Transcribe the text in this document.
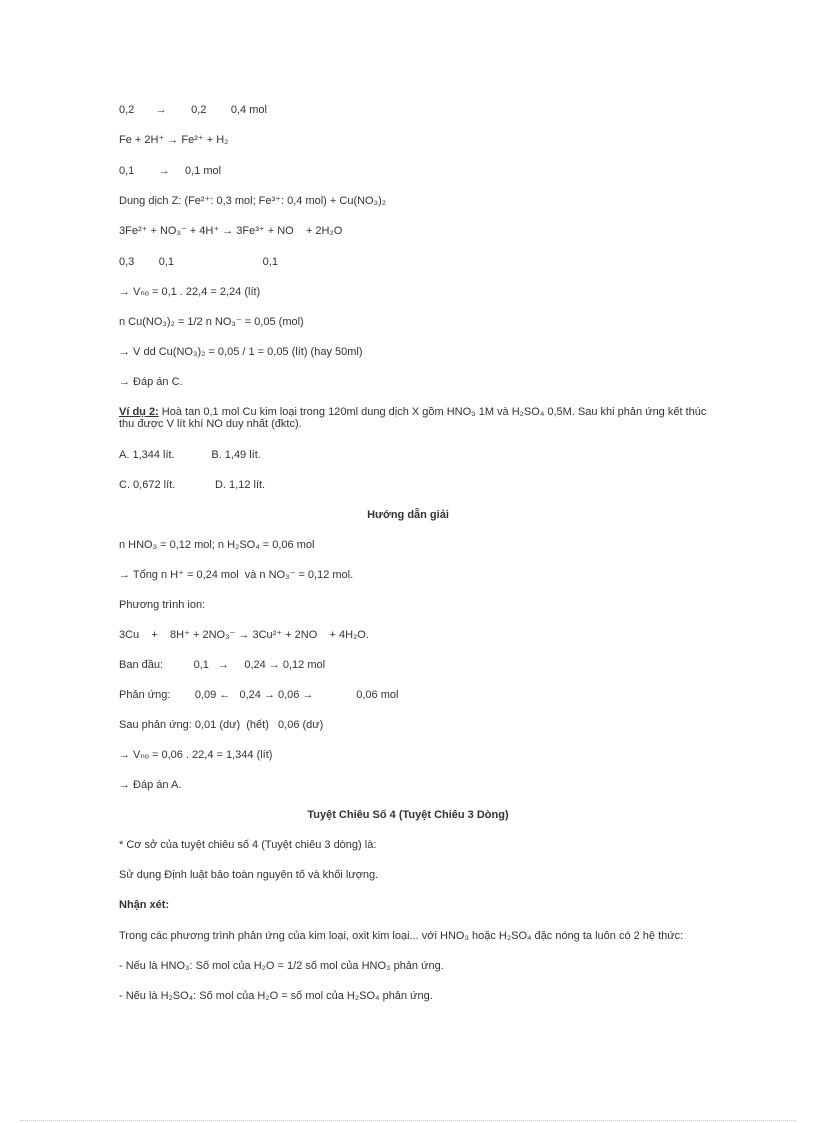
0,2       →        0,2        0,4 mol
Fe + 2H⁺ → Fe²⁺ + H₂
0,1        →     0,1 mol
Dung dịch Z: (Fe²⁺: 0,3 mol; Fe³⁺: 0,4 mol) + Cu(NO₃)₂
3Fe²⁺ + NO₃⁻ + 4H⁺ → 3Fe³⁺ + NO    + 2H₂O
0,3        0,1                             0,1
→ Vₙₒ = 0,1 . 22,4 = 2,24 (lít)
n Cu(NO₃)₂ = 1/2 n NO₃⁻ = 0,05 (mol)
→ V dd Cu(NO₃)₂ = 0,05 / 1 = 0,05 (lít) (hay 50ml)
→ Đáp án C.
Ví dụ 2: Hoà tan 0,1 mol Cu kim loại trong 120ml dung dịch X gồm HNO₃ 1M và H₂SO₄ 0,5M. Sau khi phản ứng kết thúc
thu được V lít khí NO duy nhất (đktc).
A. 1,344 lít.            B. 1,49 lít.
C. 0,672 lít.             D. 1,12 lít.
Hướng dẫn giải
n HNO₃ = 0,12 mol; n H₂SO₄ = 0,06 mol
→ Tổng n H⁺ = 0,24 mol  và n NO₃⁻ = 0,12 mol.
Phương trình ion:
3Cu    +    8H⁺ + 2NO₃⁻ → 3Cu²⁺ + 2NO    + 4H₂O.
Ban đầu:          0,1   →     0,24 → 0,12 mol
Phản ứng:        0,09 ←   0,24 → 0,06 →              0,06 mol
Sau phản ứng: 0,01 (dư)  (hết)   0,06 (dư)
→ Vₙₒ = 0,06 . 22,4 = 1,344 (lít)
→ Đáp án A.
Tuyệt Chiêu Số 4 (Tuyệt Chiêu 3 Dòng)
* Cơ sở của tuyệt chiêu số 4 (Tuyệt chiêu 3 dòng) là:
Sử dụng Định luật bảo toàn nguyên tố và khối lượng.
Nhận xét:
Trong các phương trình phản ứng của kim loại, oxit kim loại... với HNO₃ hoặc H₂SO₄ đặc nóng ta luôn có 2 hệ thức:
- Nếu là HNO₃: Số mol của H₂O = 1/2 số mol của HNO₃ phản ứng.
- Nếu là H₂SO₄: Số mol của H₂O = số mol của H₂SO₄ phản ứng.
